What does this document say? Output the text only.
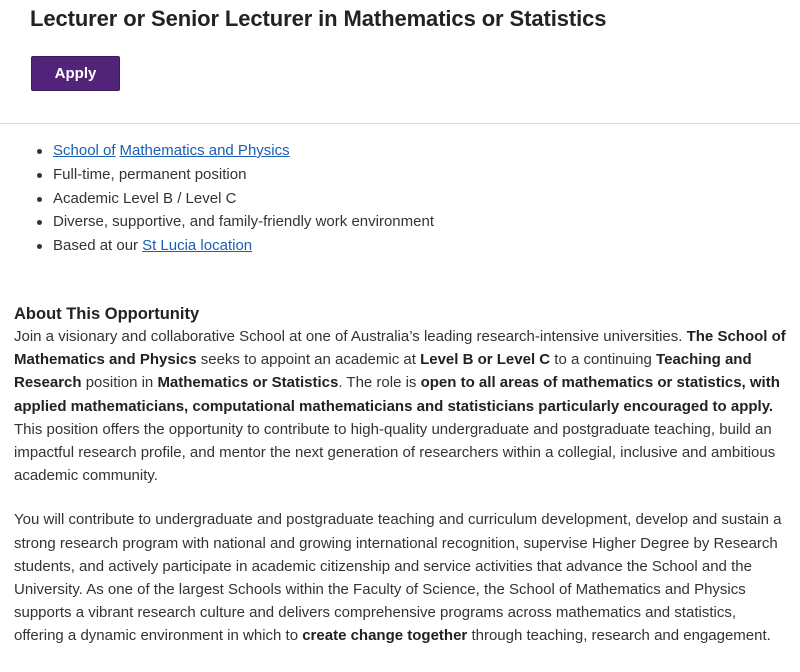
Lecturer or Senior Lecturer in Mathematics or Statistics
Apply
School of Mathematics and Physics
Full-time, permanent position
Academic Level B / Level C
Diverse, supportive, and family-friendly work environment
Based at our St Lucia location
About This Opportunity

Join a visionary and collaborative School at one of Australia’s leading research-intensive universities. The School of Mathematics and Physics seeks to appoint an academic at Level B or Level C to a continuing Teaching and Research position in Mathematics or Statistics. The role is open to all areas of mathematics or statistics, with applied mathematicians, computational mathematicians and statisticians particularly encouraged to apply. This position offers the opportunity to contribute to high-quality undergraduate and postgraduate teaching, build an impactful research profile, and mentor the next generation of researchers within a collegial, inclusive and ambitious academic community.

You will contribute to undergraduate and postgraduate teaching and curriculum development, develop and sustain a strong research program with national and growing international recognition, supervise Higher Degree by Research students, and actively participate in academic citizenship and service activities that advance the School and the University. As one of the largest Schools within the Faculty of Science, the School of Mathematics and Physics supports a vibrant research culture and delivers comprehensive programs across mathematics and statistics, offering a dynamic environment in which to create change together through teaching, research and engagement.
